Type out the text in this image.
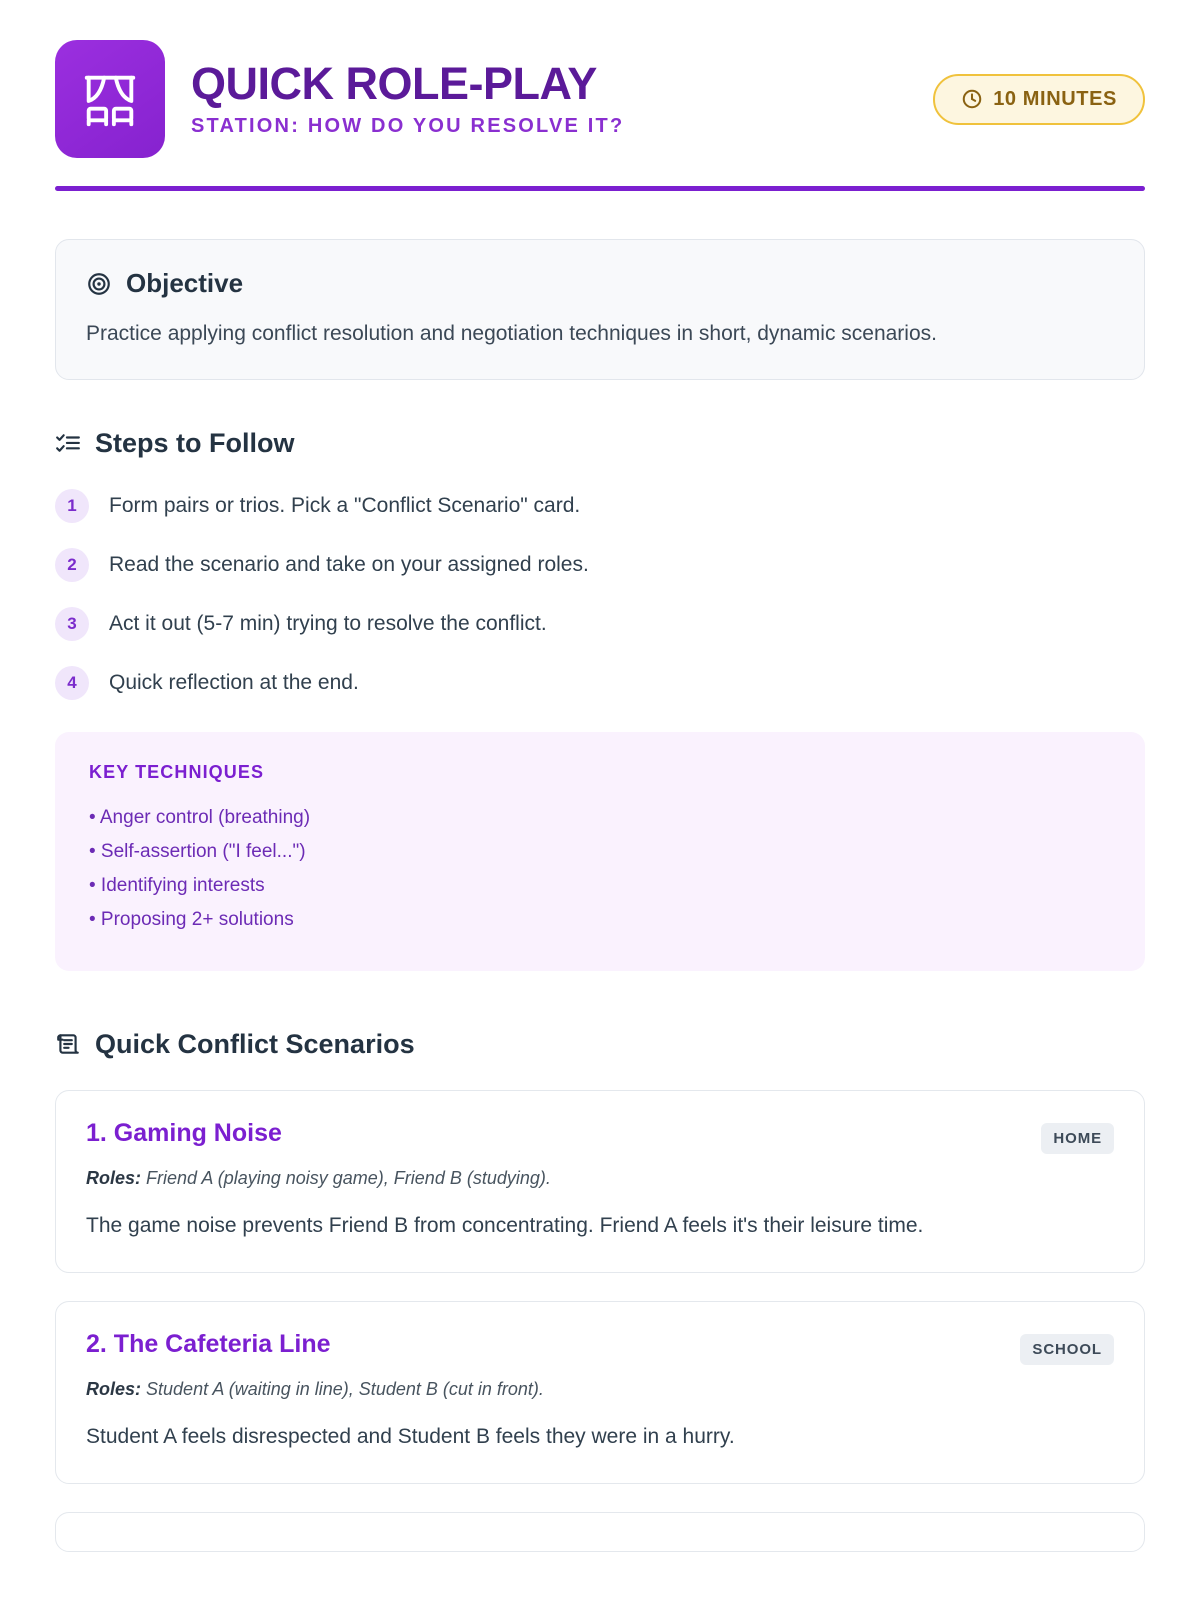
QUICK ROLE-PLAY
STATION: HOW DO YOU RESOLVE IT?
10 MINUTES
Objective
Practice applying conflict resolution and negotiation techniques in short, dynamic scenarios.
Steps to Follow
1	Form pairs or trios. Pick a "Conflict Scenario" card.
2	Read the scenario and take on your assigned roles.
3	Act it out (5-7 min) trying to resolve the conflict.
4	Quick reflection at the end.
KEY TECHNIQUES
• Anger control (breathing)
• Self-assertion ("I feel...")
• Identifying interests
• Proposing 2+ solutions
Quick Conflict Scenarios
1. Gaming Noise	HOME
Roles: Friend A (playing noisy game), Friend B (studying).
The game noise prevents Friend B from concentrating. Friend A feels it's their leisure time.
2. The Cafeteria Line	SCHOOL
Roles: Student A (waiting in line), Student B (cut in front).
Student A feels disrespected and Student B feels they were in a hurry.
